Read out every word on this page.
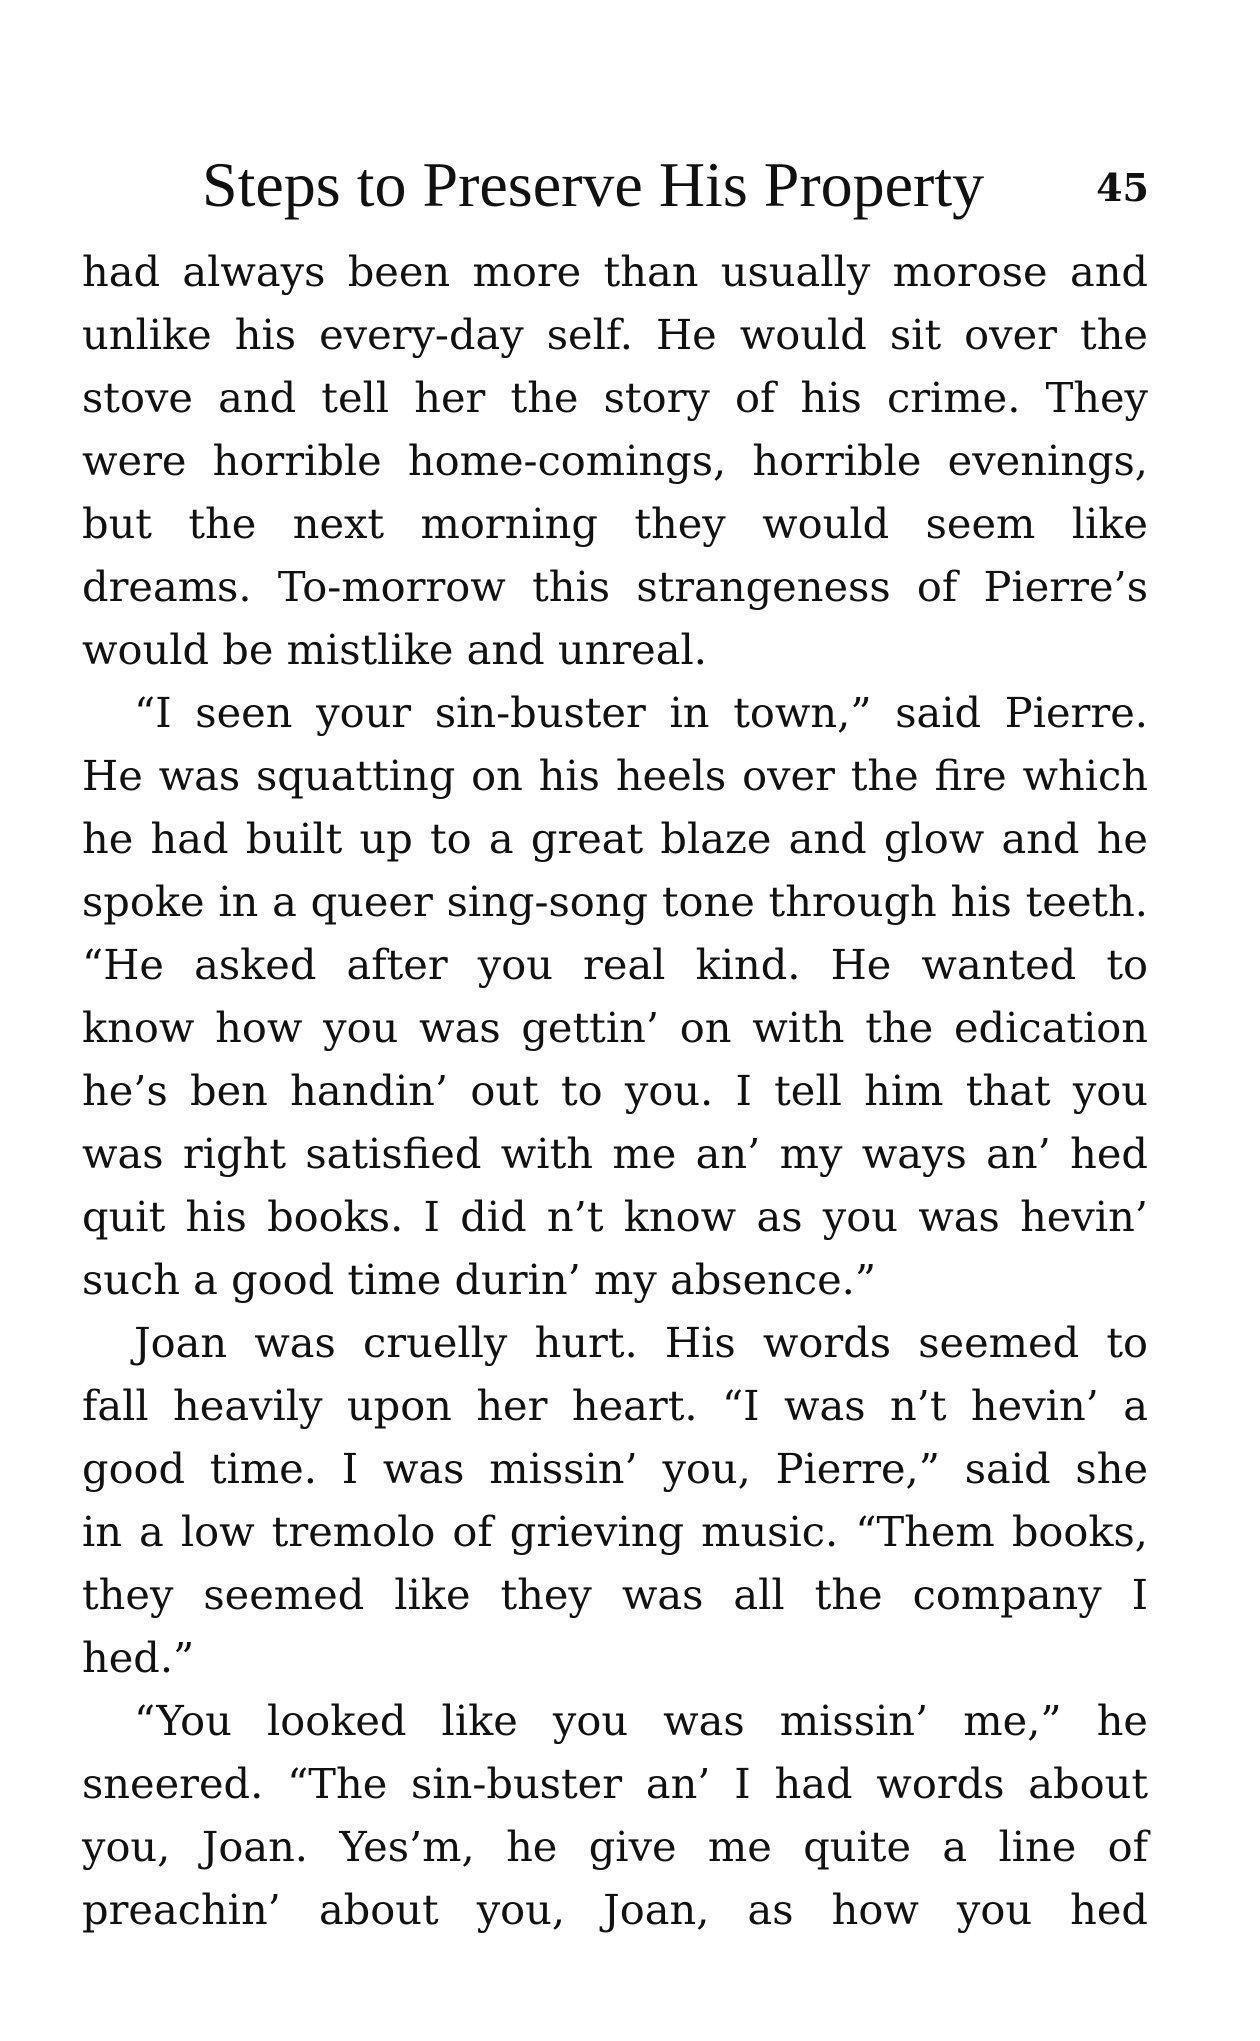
Steps to Preserve His Property	45
had always been more than usually morose and
unlike his every-day self. He would sit over the
stove and tell her the story of his crime. They
were horrible home-comings, horrible evenings,
but the next morning they would seem like
dreams. To-morrow this strangeness of Pierre’s
would be mistlike and unreal.
“I seen your sin-buster in town,” said Pierre.
He was squatting on his heels over the fire which
he had built up to a great blaze and glow and he
spoke in a queer sing-song tone through his teeth.
“He asked after you real kind. He wanted to
know how you was gettin’ on with the edication
he’s ben handin’ out to you. I tell him that you
was right satisfied with me an’ my ways an’ hed
quit his books. I did n’t know as you was hevin’
such a good time durin’ my absence.”
Joan was cruelly hurt. His words seemed to
fall heavily upon her heart. “I was n’t hevin’ a
good time. I was missin’ you, Pierre,” said she
in a low tremolo of grieving music. “Them books,
they seemed like they was all the company I
hed.”
“You looked like you was missin’ me,” he
sneered. “The sin-buster an’ I had words about
you, Joan. Yes’m, he give me quite a line of
preachin’ about you, Joan, as how you hed
